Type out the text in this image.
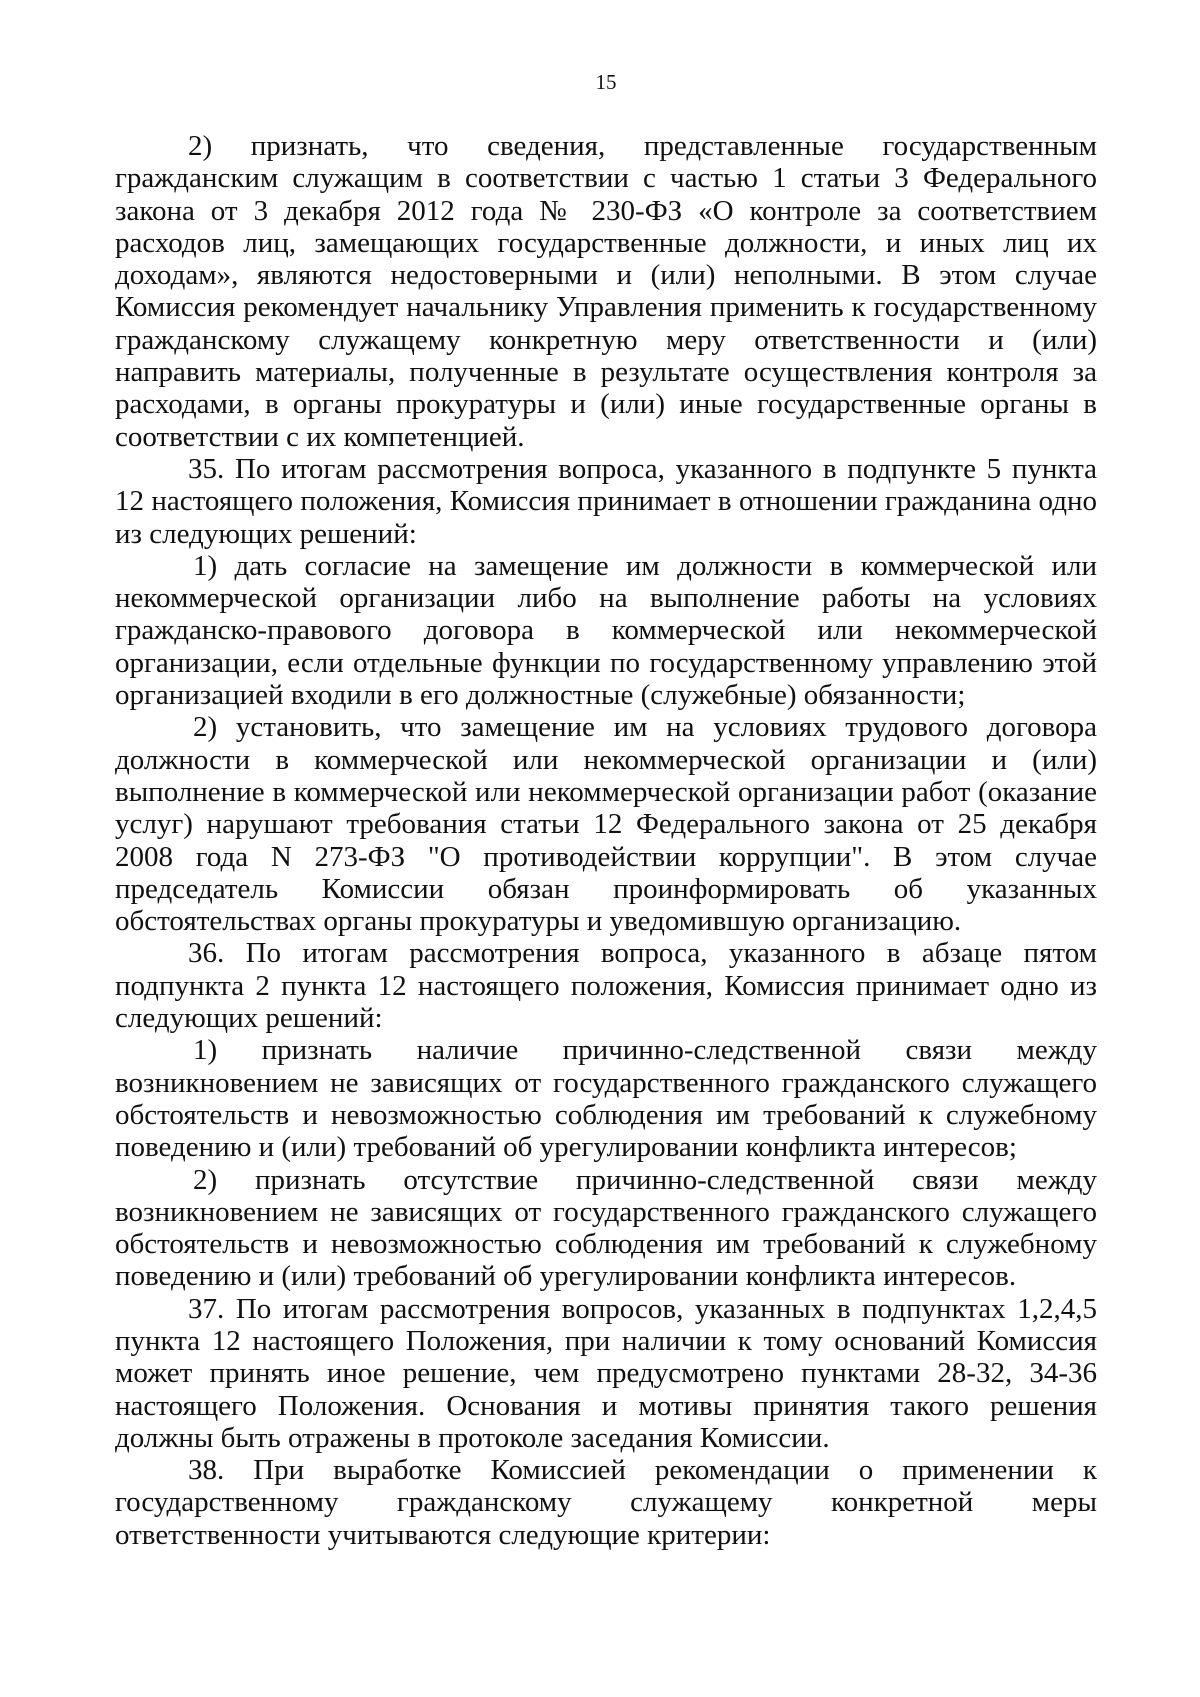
15

2) признать, что сведения, представленные государственным гражданским служащим в соответствии с частью 1 статьи 3 Федерального закона от 3 декабря 2012 года № 230-ФЗ «О контроле за соответствием расходов лиц, замещающих государственные должности, и иных лиц их доходам», являются недостоверными и (или) неполными. В этом случае Комиссия рекомендует начальнику Управления применить к государственному гражданскому служащему конкретную меру ответственности и (или) направить материалы, полученные в результате осуществления контроля за расходами, в органы прокуратуры и (или) иные государственные органы в соответствии с их компетенцией.

35. По итогам рассмотрения вопроса, указанного в подпункте 5 пункта 12 настоящего положения, Комиссия принимает в отношении гражданина одно из следующих решений:

1) дать согласие на замещение им должности в коммерческой или некоммерческой организации либо на выполнение работы на условиях гражданско-правового договора в коммерческой или некоммерческой организации, если отдельные функции по государственному управлению этой организацией входили в его должностные (служебные) обязанности;

2) установить, что замещение им на условиях трудового договора должности в коммерческой или некоммерческой организации и (или) выполнение в коммерческой или некоммерческой организации работ (оказание услуг) нарушают требования статьи 12 Федерального закона от 25 декабря 2008 года N 273-ФЗ "О противодействии коррупции". В этом случае председатель Комиссии обязан проинформировать об указанных обстоятельствах органы прокуратуры и уведомившую организацию.

36. По итогам рассмотрения вопроса, указанного в абзаце пятом подпункта 2 пункта 12 настоящего положения, Комиссия принимает одно из следующих решений:

1) признать наличие причинно-следственной связи между возникновением не зависящих от государственного гражданского служащего обстоятельств и невозможностью соблюдения им требований к служебному поведению и (или) требований об урегулировании конфликта интересов;

2) признать отсутствие причинно-следственной связи между возникновением не зависящих от государственного гражданского служащего обстоятельств и невозможностью соблюдения им требований к служебному поведению и (или) требований об урегулировании конфликта интересов.

37. По итогам рассмотрения вопросов, указанных в подпунктах 1,2,4,5 пункта 12 настоящего Положения, при наличии к тому оснований Комиссия может принять иное решение, чем предусмотрено пунктами 28-32, 34-36 настоящего Положения. Основания и мотивы принятия такого решения должны быть отражены в протоколе заседания Комиссии.

38. При выработке Комиссией рекомендации о применении к государственному гражданскому служащему конкретной меры ответственности учитываются следующие критерии:
